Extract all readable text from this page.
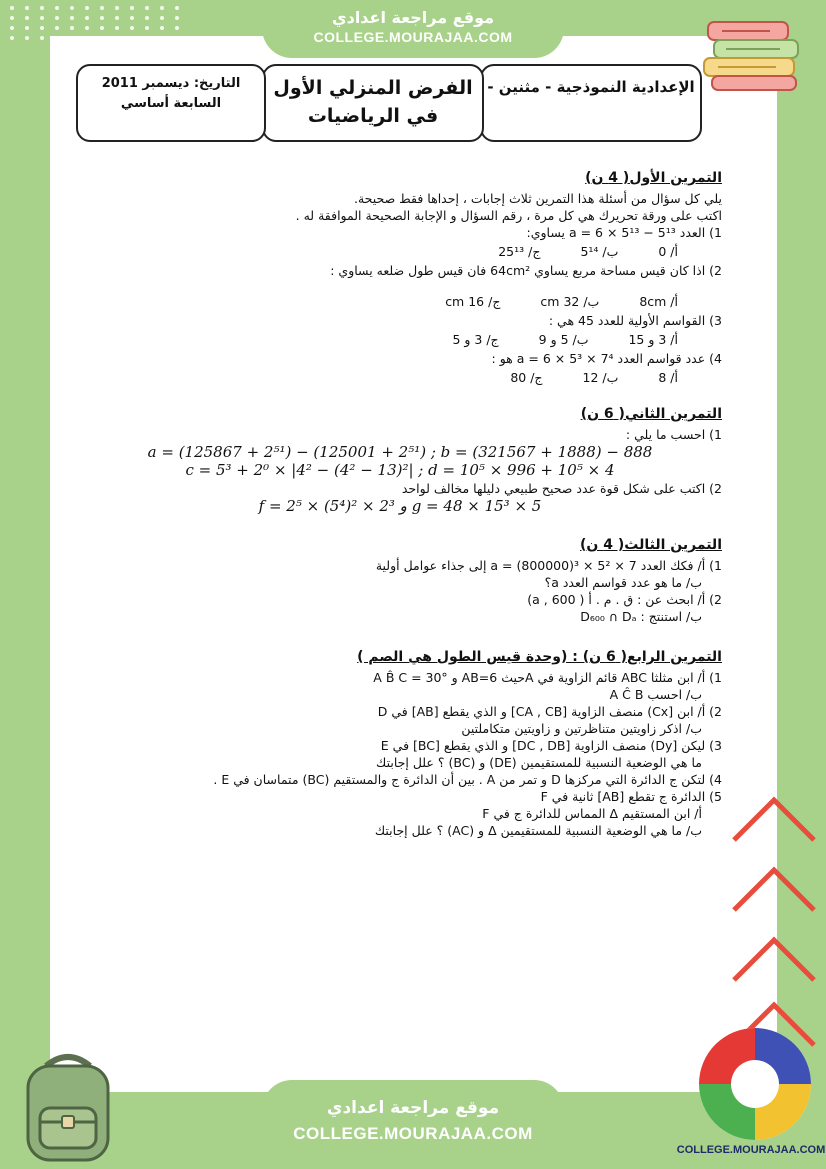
موقع مراجعة اعدادي
COLLEGE.MOURAJAA.COM
الإعدادية النموذجية - مثنين -
الفرض المنزلي الأول
في الرياضيات
التاريخ: ديسمبر 2011
السابعة أساسي

التمرين الأول( 4 ن)

يلي كل سؤال من أسئلة هذا التمرين ثلاث إجابات ، إحداها فقط صحيحة.

اكتب على ورقة تحريرك هي كل مرة ، رقم السؤال و الإجابة الصحيحة الموافقة له .

1) العدد a = 6 × 5¹³ − 5¹³ يساوي:

أ/ 0
ب/ 5¹⁴
ج/ 25¹³

2) اذا كان قيس مساحة مربع يساوي 64cm² فان قيس طول ضلعه يساوي :

أ/ 8cm
ب/ 32 cm
ج/ 16 cm

3) القواسم الأولية للعدد 45 هي :

أ/ 3 و 15
ب/ 5 و 9
ج/ 3 و 5

4) عدد قواسم العدد a = 6 × 5³ × 7⁴ هو :

أ/ 8
ب/ 12
ج/ 80

التمرين الثاني( 6 ن)

1) احسب ما يلي :

a = (125867 + 2⁵¹) − (125001 + 2⁵¹) ; b = (321567 + 1888) − 888

c = 5³ + 2⁰ × |4² − (4² − 13)²| ; d = 10⁵ × 996 + 10⁵ × 4

2) اكتب على شكل قوة عدد صحيح طبيعي دليلها مخالف لواحد

f = 2⁵ × (5⁴)² × 2³ و g = 48 × 15³ × 5

التمرين الثالث( 4 ن)

1) أ/ فكك العدد a = (800000)³ × 5² × 7 إلى جذاء عوامل أولية

ب/ ما هو عدد قواسم العدد a؟

2) أ/ ابحث عن : ق . م . أ ( a , 600)

ب/ استنتج : D₆₀₀ ∩ Dₐ

التمرين الرابع( 6 ن) : (وحدة قيس الطول هي الصم )

1) أ/ ابن مثلثا ABC قائم الزاوية في Aحيث AB=6 و A B̂ C = 30°

ب/ احسب A Ĉ B

2) أ/ ابن [Cx) منصف الزاوية [CA , CB] و الذي يقطع [AB] في D

ب/ اذكر زاويتين متناظرتين و زاويتين متكاملتين

3) ليكن [Dy) منصف الزاوية [DC , DB] و الذي يقطع [BC] في E

ما هي الوضعية النسبية للمستقيمين (DE) و (BC) ؟ علل إجابتك

4) لتكن ج الدائرة التي مركزها D و تمر من A . بين أن الدائرة ج والمستقيم (BC) متماسان في E .

5) الدائرة ج تقطع [AB] ثانية في F

أ/ ابن المستقيم Δ المماس للدائرة ج في F

ب/ ما هي الوضعية النسبية للمستقيمين Δ و (AC) ؟ علل إجابتك

موقع مراجعة اعدادي
COLLEGE.MOURAJAA.COM
COLLEGE.MOURAJAA.COM
